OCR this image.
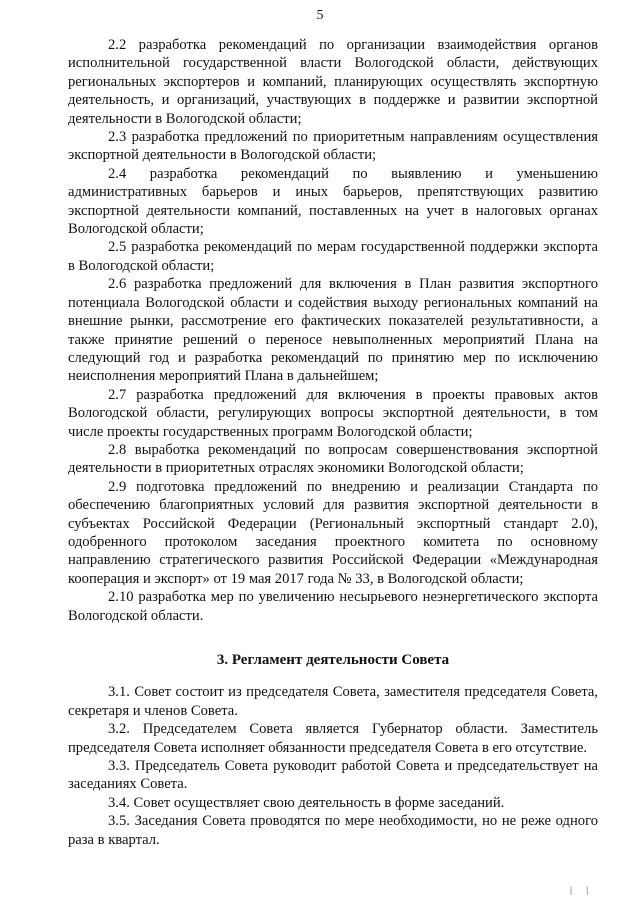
5

2.2 разработка рекомендаций по организации взаимодействия органов исполнительной государственной власти Вологодской области, действующих региональных экспортеров и компаний, планирующих осуществлять экспортную деятельность, и организаций, участвующих в поддержке и развитии экспортной деятельности в Вологодской области;

2.3 разработка предложений по приоритетным направлениям осуществления экспортной деятельности в Вологодской области;

2.4 разработка рекомендаций по выявлению и уменьшению административных барьеров и иных барьеров, препятствующих развитию экспортной деятельности компаний, поставленных на учет в налоговых органах Вологодской области;

2.5 разработка рекомендаций по мерам государственной поддержки экспорта в Вологодской области;

2.6 разработка предложений для включения в План развития экспортного потенциала Вологодской области и содействия выходу региональных компаний на внешние рынки, рассмотрение его фактических показателей результативности, а также принятие решений о переносе невыполненных мероприятий Плана на следующий год и разработка рекомендаций по принятию мер по исключению неисполнения мероприятий Плана в дальнейшем;

2.7 разработка предложений для включения в проекты правовых актов Вологодской области, регулирующих вопросы экспортной деятельности, в том числе проекты государственных программ Вологодской области;

2.8 выработка рекомендаций по вопросам совершенствования экспортной деятельности в приоритетных отраслях экономики Вологодской области;

2.9 подготовка предложений по внедрению и реализации Стандарта по обеспечению благоприятных условий для развития экспортной деятельности в субъектах Российской Федерации (Региональный экспортный стандарт 2.0), одобренного протоколом заседания проектного комитета по основному направлению стратегического развития Российской Федерации «Международная кооперация и экспорт» от 19 мая 2017 года № 33, в Вологодской области;

2.10 разработка мер по увеличению несырьевого неэнергетического экспорта Вологодской области.

3. Регламент деятельности Совета

3.1. Совет состоит из председателя Совета, заместителя председателя Совета, секретаря и членов Совета.

3.2. Председателем Совета является Губернатор области. Заместитель председателя Совета исполняет обязанности председателя Совета в его отсутствие.

3.3. Председатель Совета руководит работой Совета и председательствует на заседаниях Совета.

3.4. Совет осуществляет свою деятельность в форме заседаний.

3.5. Заседания Совета проводятся по мере необходимости, но не реже одного раза в квартал.

| |
